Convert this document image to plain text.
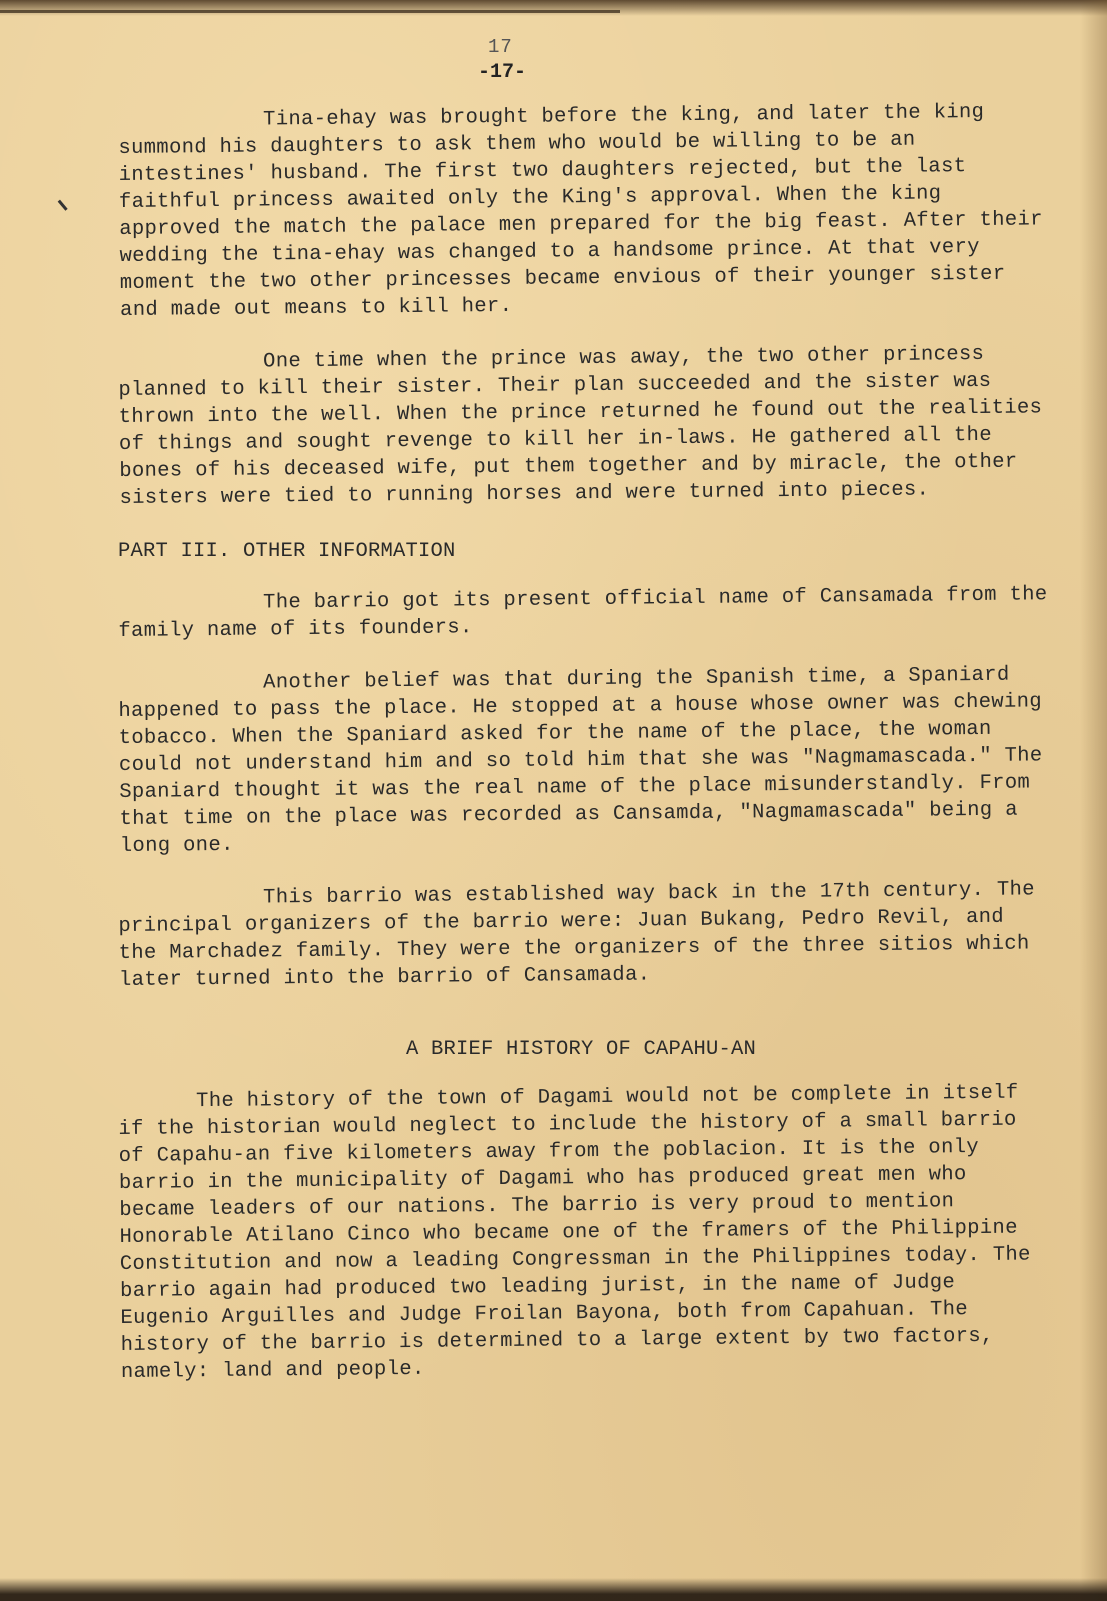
17
-17-

Tina-ehay was brought before the king, and later the king summond his daughters to ask them who would be willing to be an intestines' husband. The first two daughters rejected, but the last faithful princess awaited only the King's approval. When the king approved the match the palace men prepared for the big feast. After their wedding the tina-ehay was changed to a handsome prince. At that very moment the two other princesses became envious of their younger sister and made out means to kill her.

One time when the prince was away, the two other princess planned to kill their sister. Their plan succeeded and the sister was thrown into the well. When the prince returned he found out the realities of things and sought revenge to kill her in-laws. He gathered all the bones of his deceased wife, put them together and by miracle, the other sisters were tied to running horses and were turned into pieces.

PART III. OTHER INFORMATION

The barrio got its present official name of Cansamada from the family name of its founders.

Another belief was that during the Spanish time, a Spaniard happened to pass the place. He stopped at a house whose owner was chewing tobacco. When the Spaniard asked for the name of the place, the woman could not understand him and so told him that she was "Nagmamascada." The Spaniard thought it was the real name of the place misunderstandly. From that time on the place was recorded as Cansamda, "Nagmamascada" being a long one.

This barrio was established way back in the 17th century. The principal organizers of the barrio were: Juan Bukang, Pedro Revil, and the Marchadez family. They were the organizers of the three sitios which later turned into the barrio of Cansamada.

A BRIEF HISTORY OF CAPAHU-AN

The history of the town of Dagami would not be complete in itself if the historian would neglect to include the history of a small barrio of Capahu-an five kilometers away from the poblacion. It is the only barrio in the municipality of Dagami who has produced great men who became leaders of our nations. The barrio is very proud to mention Honorable Atilano Cinco who became one of the framers of the Philippine Constitution and now a leading Congressman in the Philippines today. The barrio again had produced two leading jurist, in the name of Judge Eugenio Arguilles and Judge Froilan Bayona, both from Capahuan. The history of the barrio is determined to a large extent by two factors, namely: land and people.
